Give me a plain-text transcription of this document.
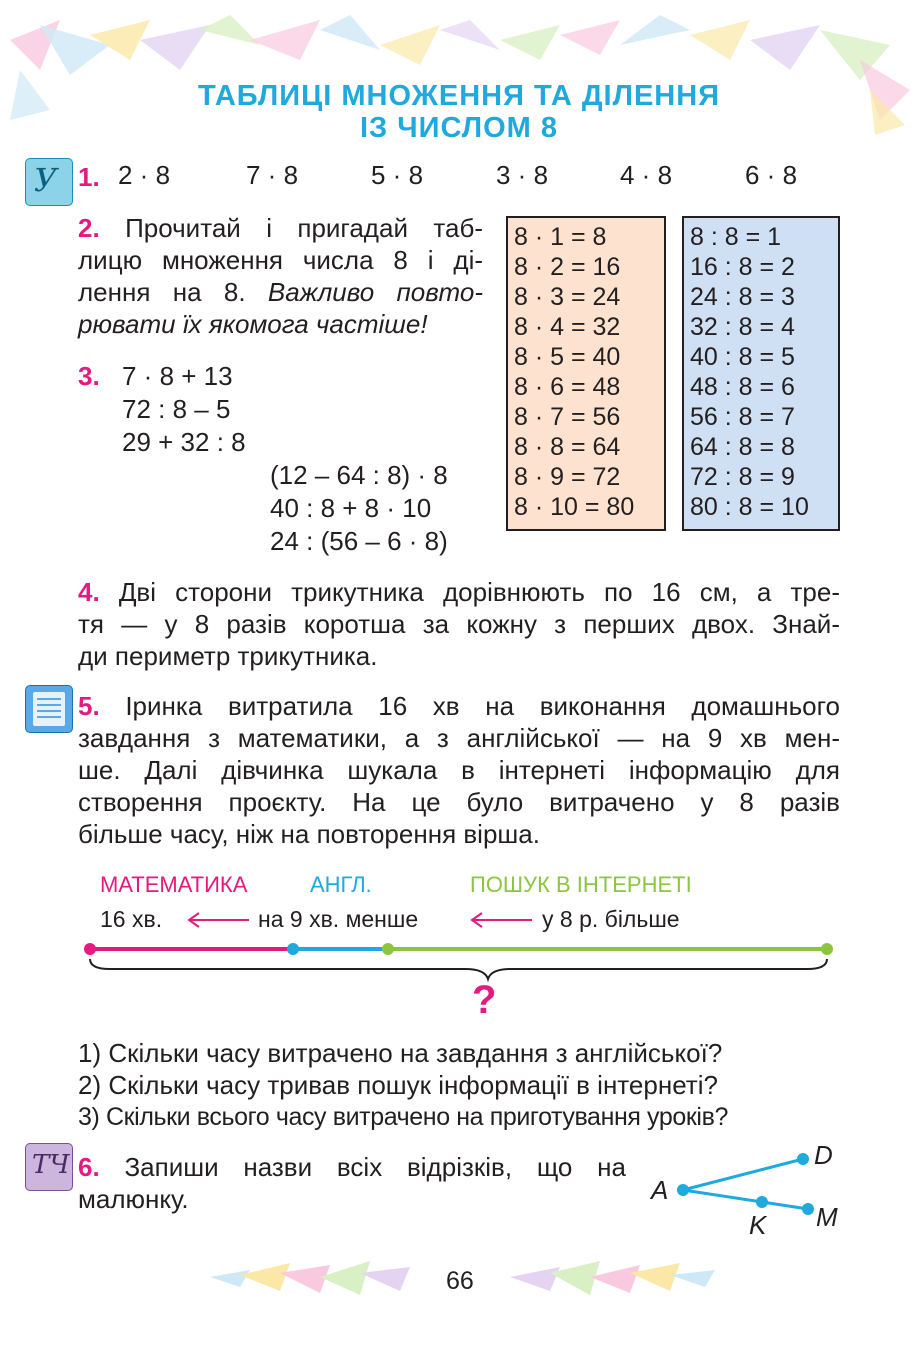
ТАБЛИЦІ МНОЖЕННЯ ТА ДІЛЕННЯ
ІЗ ЧИСЛОМ 8
У 1. 2 · 8	7 · 8	5 · 8	3 · 8	4 · 8	6 · 8
2. Прочитай і пригадай таб-
лицю множення числа 8 і ді-
лення на 8. Важливо повто-
рювати їх якомога частіше!
8 · 1 = 8
8 · 2 = 16
8 · 3 = 24
8 · 4 = 32
8 · 5 = 40
8 · 6 = 48
8 · 7 = 56
8 · 8 = 64
8 · 9 = 72
8 · 10 = 80
8 : 8 = 1
16 : 8 = 2
24 : 8 = 3
32 : 8 = 4
40 : 8 = 5
48 : 8 = 6
56 : 8 = 7
64 : 8 = 8
72 : 8 = 9
80 : 8 = 10
3. 7 · 8 + 13
72 : 8 – 5
29 + 32 : 8
(12 – 64 : 8) · 8
40 : 8 + 8 · 10
24 : (56 – 6 · 8)
4. Дві сторони трикутника дорівнюють по 16 см, а тре-
тя — у 8 разів коротша за кожну з перших двох. Знай-
ди периметр трикутника.
5. Іринка витратила 16 хв на виконання домашнього
завдання з математики, а з англійської — на 9 хв мен-
ше. Далі дівчинка шукала в інтернеті інформацію для
створення проєкту. На це було витрачено у 8 разів
більше часу, ніж на повторення вірша.
МАТЕМАТИКА	АНГЛ.	ПОШУК В ІНТЕРНЕТІ
16 хв.	на 9 хв. менше	у 8 р. більше
?
1) Скільки часу витрачено на завдання з англійської?
2) Скільки часу тривав пошук інформації в інтернеті?
3) Скільки всього часу витрачено на приготування уроків?
ТЧ 6. Запиши назви всіх відрізків, що на
малюнку.	A
D
K M
66
